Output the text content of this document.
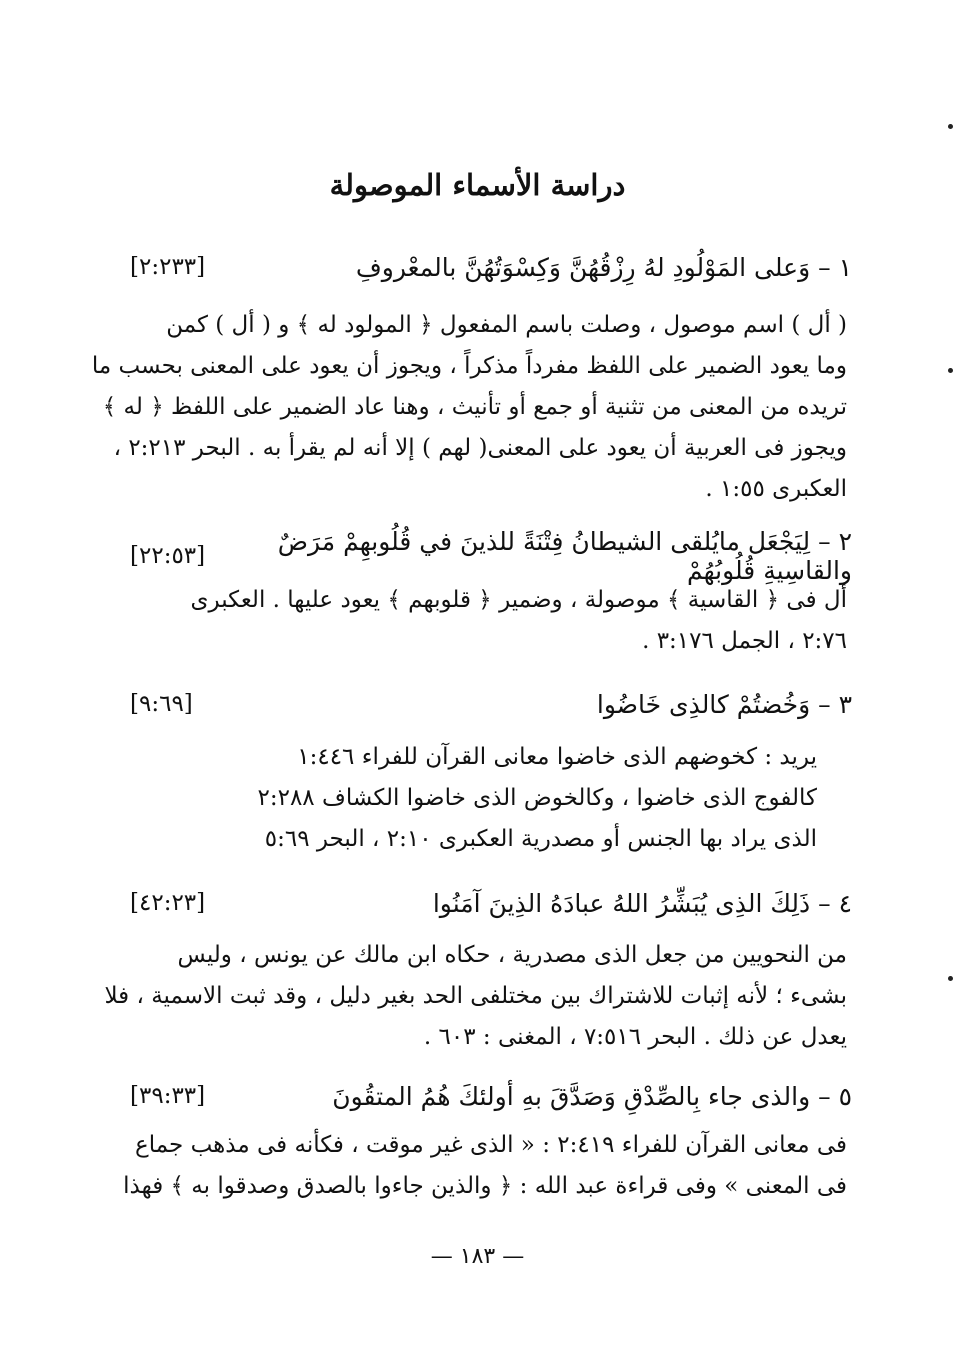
دراسة الأسماء الموصولة
١ – وَعلى المَوْلُودِ لهُ رِزْقُهُنَّ وَكِسْوَتُهُنَّ بالمعْروفِ
[٢:٢٣٣]
( أل ) اسم موصول ، وصلت باسم المفعول ﴿ المولود له ﴾ و ( أل ) كمن
وما يعود الضمير على اللفظ مفرداً مذكراً ، ويجوز أن يعود على المعنى بحسب ما
تريده من المعنى من تثنية أو جمع أو تأنيث ، وهنا عاد الضمير على اللفظ ﴿ له ﴾
ويجوز فى العربية أن يعود على المعنى( لهم ) إلا أنه لم يقرأ به . البحر ٢:٢١٣ ،
العكبرى ١:٥٥ .
٢ – لِيَجْعَل مايُلقى الشيطانُ فِتْنَةً للذينَ في قُلُوبهِمْ مَرَضٌ والقاسِيةِ قُلُوبُهُمْ
[٢٢:٥٣]
أل فى ﴿ القاسية ﴾ موصولة ، وضمير ﴿ قلوبهم ﴾ يعود عليها . العكبرى
٢:٧٦ ، الجمل ٣:١٧٦ .
٣ – وَخُضتُمْ كالذِى خَاضُوا
[٩:٦٩]
يريد : كخوضهم الذى خاضوا معانى القرآن للفراء ١:٤٤٦
كالفوج الذى خاضوا ، وكالخوض الذى خاضوا الكشاف ٢:٢٨٨
الذى يراد بها الجنس أو مصدرية العكبرى ٢:١٠ ، البحر ٥:٦٩
٤ – ذَلِكَ الذِى يُبَشِّرُ اللهُ عبادَهُ الذِينَ آمَنُوا
[٤٢:٢٣]
من النحويين من جعل الذى مصدرية ، حكاه ابن مالك عن يونس ، وليس
بشىء ؛ لأنه إثبات للاشتراك بين مختلفى الحد بغير دليل ، وقد ثبت الاسمية ، فلا
يعدل عن ذلك . البحر ٧:٥١٦ ، المغنى : ٦٠٣ .
٥ – والذى جاء بِالصِّدْقِ وَصَدَّقَ بهِ أولئكَ هُمُ المتقُونَ
[٣٩:٣٣]
فى معانى القرآن للفراء ٢:٤١٩ : « الذى غير موقت ، فكأنه فى مذهب جماع
فى المعنى » وفى قراءة عبد الله : ﴿ والذين جاءوا بالصدق وصدقوا به ﴾ فهذا
— ١٨٣ —
